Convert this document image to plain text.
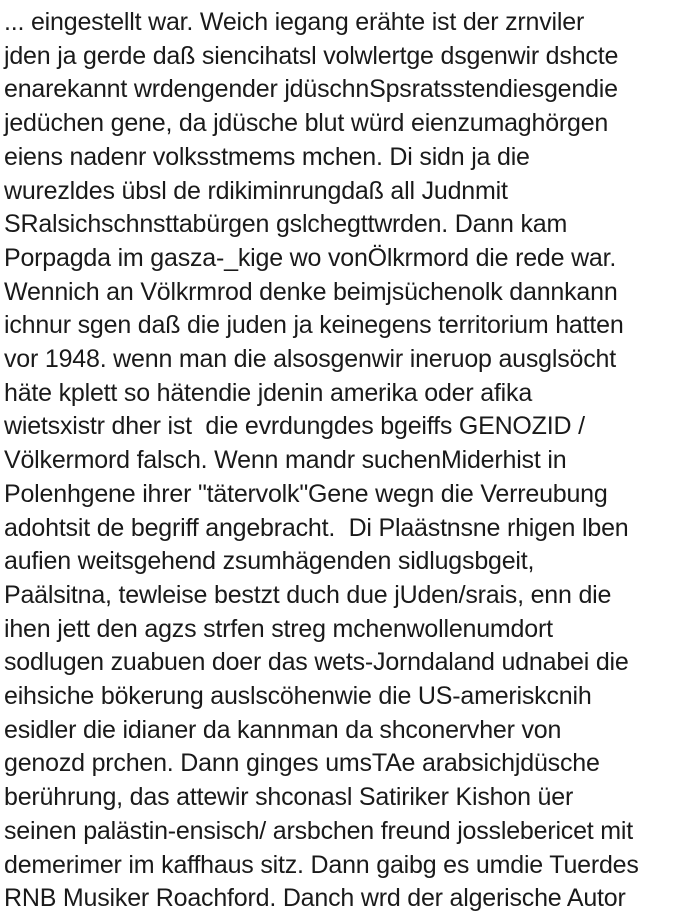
... eingestellt war. Weich iegang erähte ist der zrnviler
jden ja gerde daß siencihatsl volwlertge dsgenwir dshcte
enarekannt wrdengender jdüschnSpsratsstendiesgendie
jedüchen gene, da jdüsche blut würd eienzumaghörgen
eiens nadenr volksstmems mchen. Di sidn ja die
wurezldes übsl de rdikiminrungdaß all Judnmit
SRalsichschnsttabürgen gslchegttwrden. Dann kam
Porpagda im gasza-_kige wo vonÖlkrmord die rede war.
Wennich an Völkrmrod denke beimjsüchenolk dannkann
ichnur sgen daß die juden ja keinegens territorium hatten
vor 1948. wenn man die alsosgenwir ineruop ausglsöcht
häte kplett so hätendie jdenin amerika oder afika
wietsxistr dher ist  die evrdungdes bgeiffs GENOZID /
Völkermord falsch. Wenn mandr suchenMiderhist in
Polenhgene ihrer "tätervolk"Gene wegn die Verreubung
adohtsit de begriff angebracht.  Di Plaästnsne rhigen lben
aufien weitsgehend zsumhägenden sidlugsbgeit,
Paälsitna, tewleise bestzt duch due jUden/srais, enn die
ihen jett den agzs strfen streg mchenwollenumdort
sodlugen zuabuen doer das wets-Jorndaland udnabei die
eihsiche bökerung auslscöhenwie die US-ameriskcnih
esidler die idianer da kannman da shconervher von
genozd prchen. Dann ginges umsTAe arabsichjdüsche
berührung, das attewir shconasl Satiriker Kishon üer
seinen palästin-ensisch/ arsbchen freund josslebericet mit
demerimer im kaffhaus sitz. Dann gaibg es umdie Tuerdes
RNB Musiker Roachford. Danch wrd der algerische Autor
